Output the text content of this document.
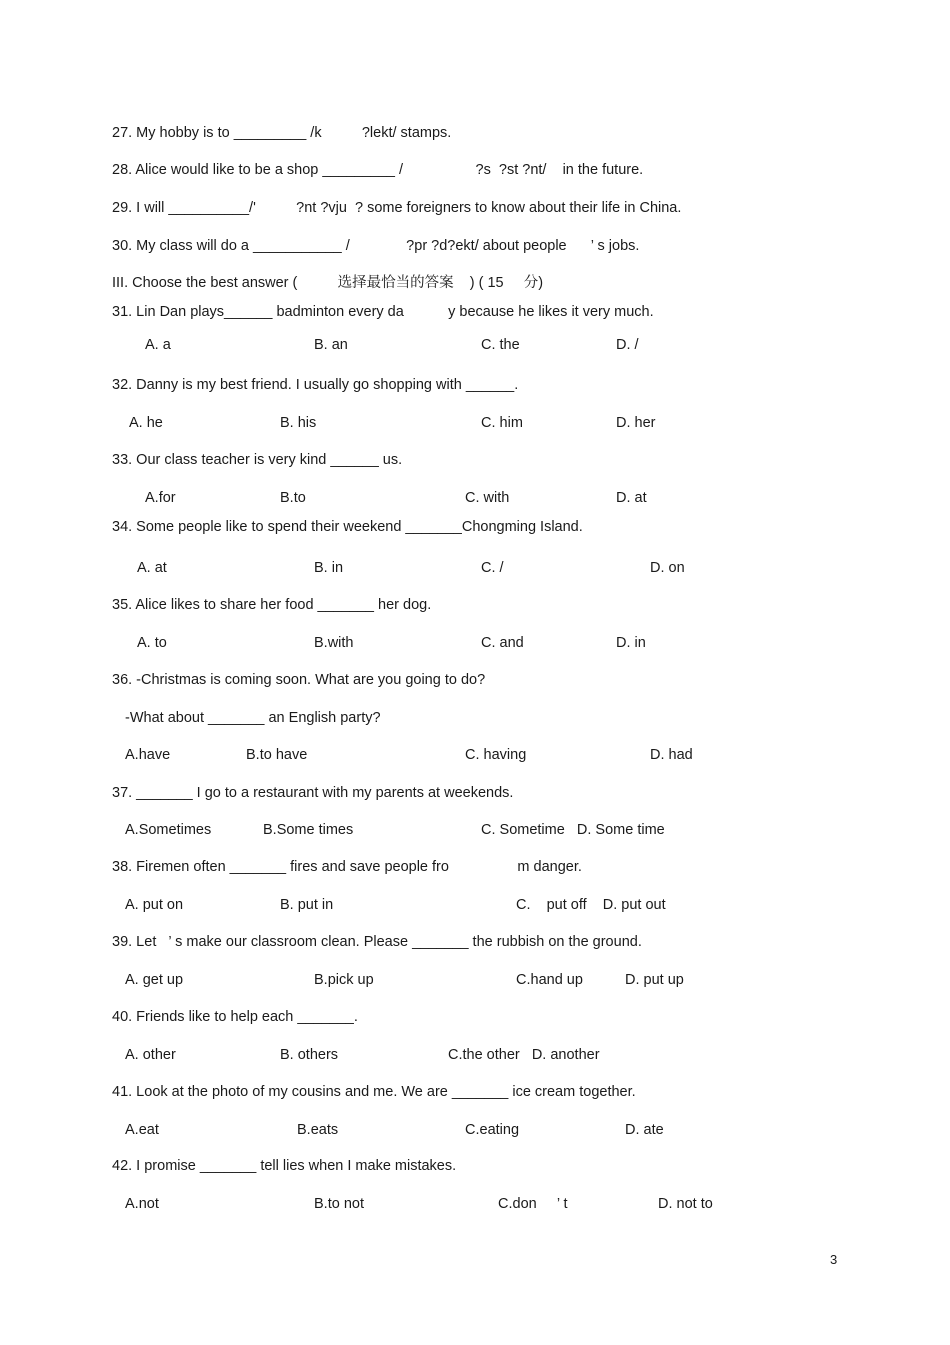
27. My hobby is to _________ /k          ?lekt/ stamps.
28. Alice would like to be a shop _________ /                  ?s  ?st ?nt/    in the future.
29. I will __________/'          ?nt ?vju  ? some foreigners to know about their life in China.
30. My class will do a ___________ /              ?pr ?d?ekt/ about people      ’ s jobs.
III. Choose the best answer (          选择最恰当的答案    ) ( 15     分)
31. Lin Dan plays______ badminton every da           y because he likes it very much.
A. a	B. an	C. the	D. /
32. Danny is my best friend. I usually go shopping with ______.
A. he	B. his	C. him	D. her
33. Our class teacher is very kind ______ us.
A.for	B.to	C. with	D. at
34. Some people like to spend their weekend _______Chongming Island.
A. at	B. in	C. /	D. on
35. Alice likes to share her food _______ her dog.
A. to	B.with	C. and	D. in
36. -Christmas is coming soon. What are you going to do?
-What about _______ an English party?
A.have	B.to have	C. having	D. had
37. _______ I go to a restaurant with my parents at weekends.
A.Sometimes	B.Some times	C. Sometime   D. Some time
38. Firemen often _______ fires and save people fro                 m danger.
A. put on	B. put in	C.    put off    D. put out
39. Let   ’ s make our classroom clean. Please _______ the rubbish on the ground.
A. get up	B.pick up	C.hand up	D. put up
40. Friends like to help each _______.
A. other	B. others	C.the other   D. another
41. Look at the photo of my cousins and me. We are _______ ice cream together.
A.eat	B.eats	C.eating	D. ate
42. I promise _______ tell lies when I make mistakes.
A.not	B.to not	C.don     ’ t	D. not to
3
